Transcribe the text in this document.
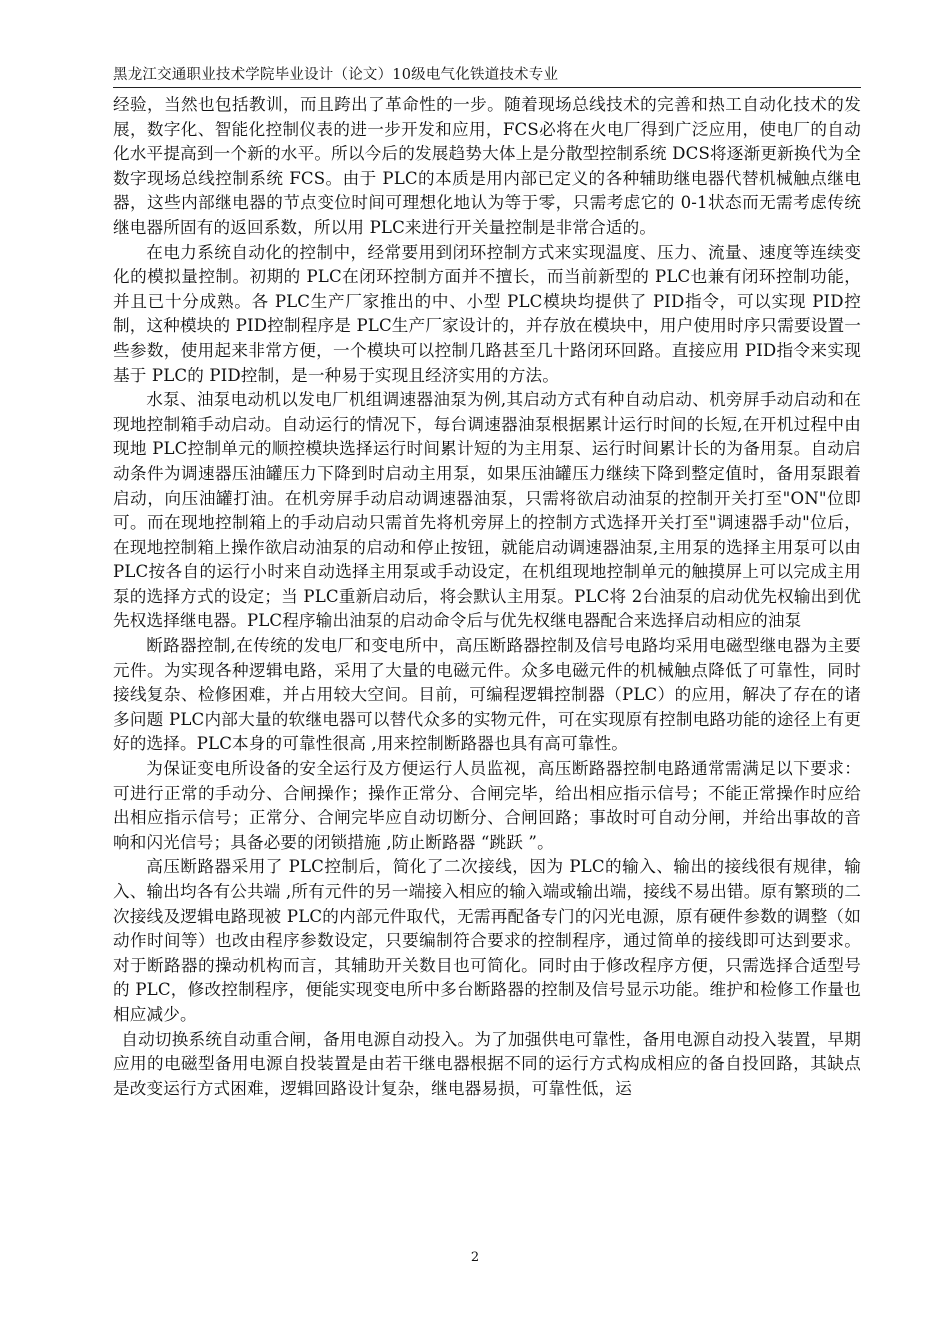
黑龙江交通职业技术学院毕业设计（论文）10级电气化铁道技术专业

经验，当然也包括教训，而且跨出了革命性的一步。随着现场总线技术的完善和热工自动化技术的发展，数字化、智能化控制仪表的进一步开发和应用，FCS必将在火电厂得到广泛应用，使电厂的自动化水平提高到一个新的水平。所以今后的发展趋势大体上是分散型控制系统 DCS将逐渐更新换代为全数字现场总线控制系统 FCS。由于 PLC的本质是用内部已定义的各种辅助继电器代替机械触点继电器，这些内部继电器的节点变位时间可理想化地认为等于零，只需考虑它的 0-1状态而无需考虑传统继电器所固有的返回系数，所以用 PLC来进行开关量控制是非常合适的。

在电力系统自动化的控制中，经常要用到闭环控制方式来实现温度、压力、流量、速度等连续变化的模拟量控制。初期的 PLC在闭环控制方面并不擅长，而当前新型的 PLC也兼有闭环控制功能，并且已十分成熟。各 PLC生产厂家推出的中、小型 PLC模块均提供了 PID指令，可以实现 PID控制，这种模块的 PID控制程序是 PLC生产厂家设计的，并存放在模块中，用户使用时序只需要设置一些参数，使用起来非常方便，一个模块可以控制几路甚至几十路闭环回路。直接应用 PID指令来实现基于 PLC的 PID控制，是一种易于实现且经济实用的方法。

水泵、油泵电动机以发电厂机组调速器油泵为例,其启动方式有种自动启动、机旁屏手动启动和在现地控制箱手动启动。自动运行的情况下，每台调速器油泵根据累计运行时间的长短,在开机过程中由现地 PLC控制单元的顺控模块选择运行时间累计短的为主用泵、运行时间累计长的为备用泵。自动启动条件为调速器压油罐压力下降到时启动主用泵，如果压油罐压力继续下降到整定值时，备用泵跟着启动，向压油罐打油。在机旁屏手动启动调速器油泵，只需将欲启动油泵的控制开关打至"ON"位即可。而在现地控制箱上的手动启动只需首先将机旁屏上的控制方式选择开关打至"调速器手动"位后，在现地控制箱上操作欲启动油泵的启动和停止按钮，就能启动调速器油泵,主用泵的选择主用泵可以由 PLC按各自的运行小时来自动选择主用泵或手动设定，在机组现地控制单元的触摸屏上可以完成主用泵的选择方式的设定；当 PLC重新启动后，将会默认主用泵。PLC将 2台油泵的启动优先权输出到优先权选择继电器。PLC程序输出油泵的启动命令后与优先权继电器配合来选择启动相应的油泵

断路器控制,在传统的发电厂和变电所中，高压断路器控制及信号电路均采用电磁型继电器为主要元件。为实现各种逻辑电路，采用了大量的电磁元件。众多电磁元件的机械触点降低了可靠性，同时接线复杂、检修困难，并占用较大空间。目前，可编程逻辑控制器（PLC）的应用，解决了存在的诸多问题 PLC内部大量的软继电器可以替代众多的实物元件，可在实现原有控制电路功能的途径上有更好的选择。PLC本身的可靠性很高 ,用来控制断路器也具有高可靠性。

为保证变电所设备的安全运行及方便运行人员监视，高压断路器控制电路通常需满足以下要求：可进行正常的手动分、合闸操作；操作正常分、合闸完毕，给出相应指示信号；不能正常操作时应给出相应指示信号；正常分、合闸完毕应自动切断分、合闸回路；事故时可自动分闸，并给出事故的音响和闪光信号；具备必要的闭锁措施 ,防止断路器 “跳跃 ”。

高压断路器采用了 PLC控制后，简化了二次接线，因为 PLC的输入、输出的接线很有规律，输入、输出均各有公共端 ,所有元件的另一端接入相应的输入端或输出端，接线不易出错。原有繁琐的二次接线及逻辑电路现被 PLC的内部元件取代，无需再配备专门的闪光电源，原有硬件参数的调整（如动作时间等）也改由程序参数设定，只要编制符合要求的控制程序，通过简单的接线即可达到要求。对于断路器的操动机构而言，其辅助开关数目也可简化。同时由于修改程序方便，只需选择合适型号的 PLC，修改控制程序，便能实现变电所中多台断路器的控制及信号显示功能。维护和检修工作量也相应减少。

自动切换系统自动重合闸，备用电源自动投入。为了加强供电可靠性，备用电源自动投入装置，早期应用的电磁型备用电源自投装置是由若干继电器根据不同的运行方式构成相应的备自投回路，其缺点是改变运行方式困难，逻辑回路设计复杂，继电器易损，可靠性低，运

2
